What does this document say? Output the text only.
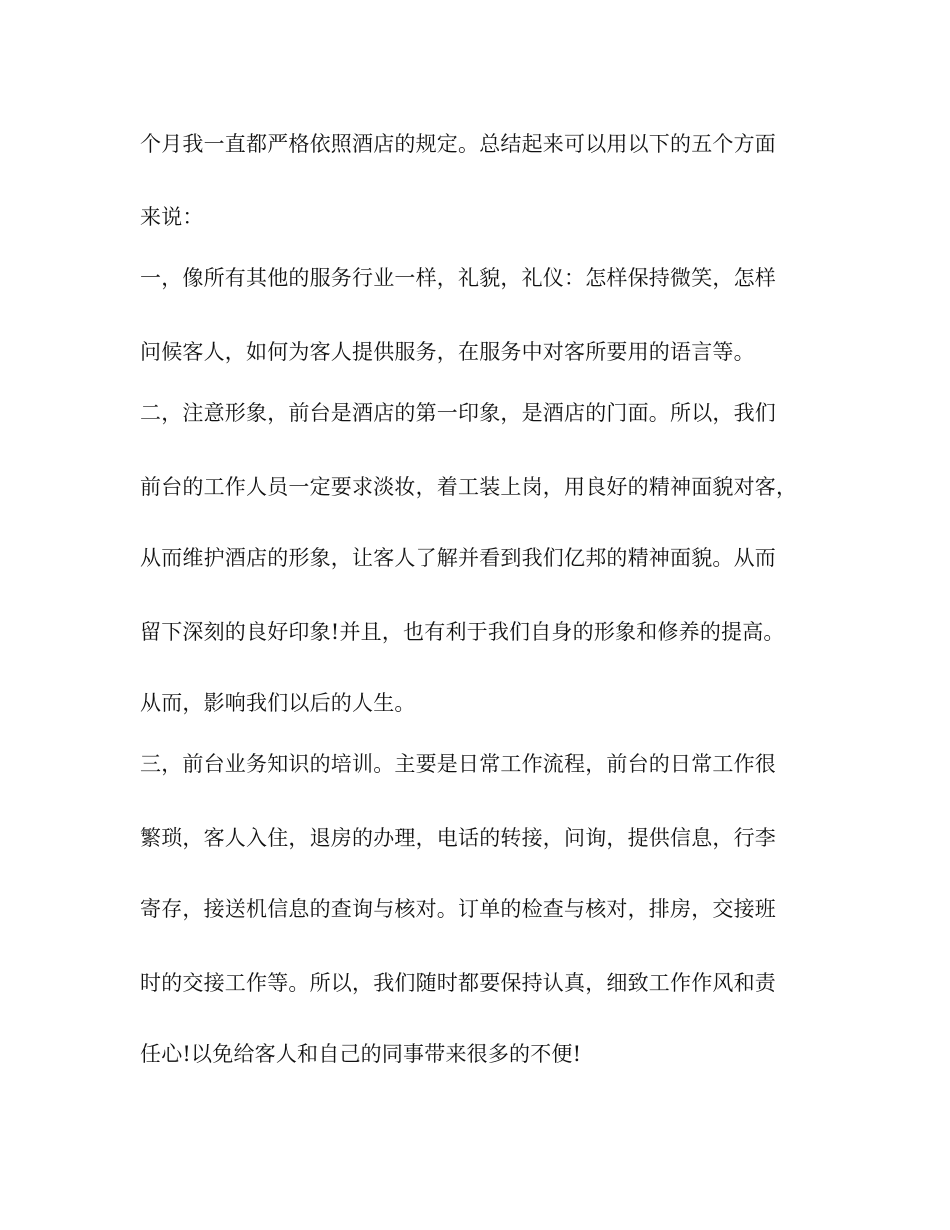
个月我一直都严格依照酒店的规定。总结起来可以用以下的五个方面
来说：
一，像所有其他的服务行业一样，礼貌，礼仪：怎样保持微笑，怎样
问候客人，如何为客人提供服务，在服务中对客所要用的语言等。
二，注意形象，前台是酒店的第一印象，是酒店的门面。所以，我们
前台的工作人员一定要求淡妆，着工装上岗，用良好的精神面貌对客，
从而维护酒店的形象，让客人了解并看到我们亿邦的精神面貌。从而
留下深刻的良好印象!并且，也有利于我们自身的形象和修养的提高。
从而，影响我们以后的人生。
三，前台业务知识的培训。主要是日常工作流程，前台的日常工作很
繁琐，客人入住，退房的办理，电话的转接，问询，提供信息，行李
寄存，接送机信息的查询与核对。订单的检查与核对，排房，交接班
时的交接工作等。所以，我们随时都要保持认真，细致工作作风和责
任心!以免给客人和自己的同事带来很多的不便!
